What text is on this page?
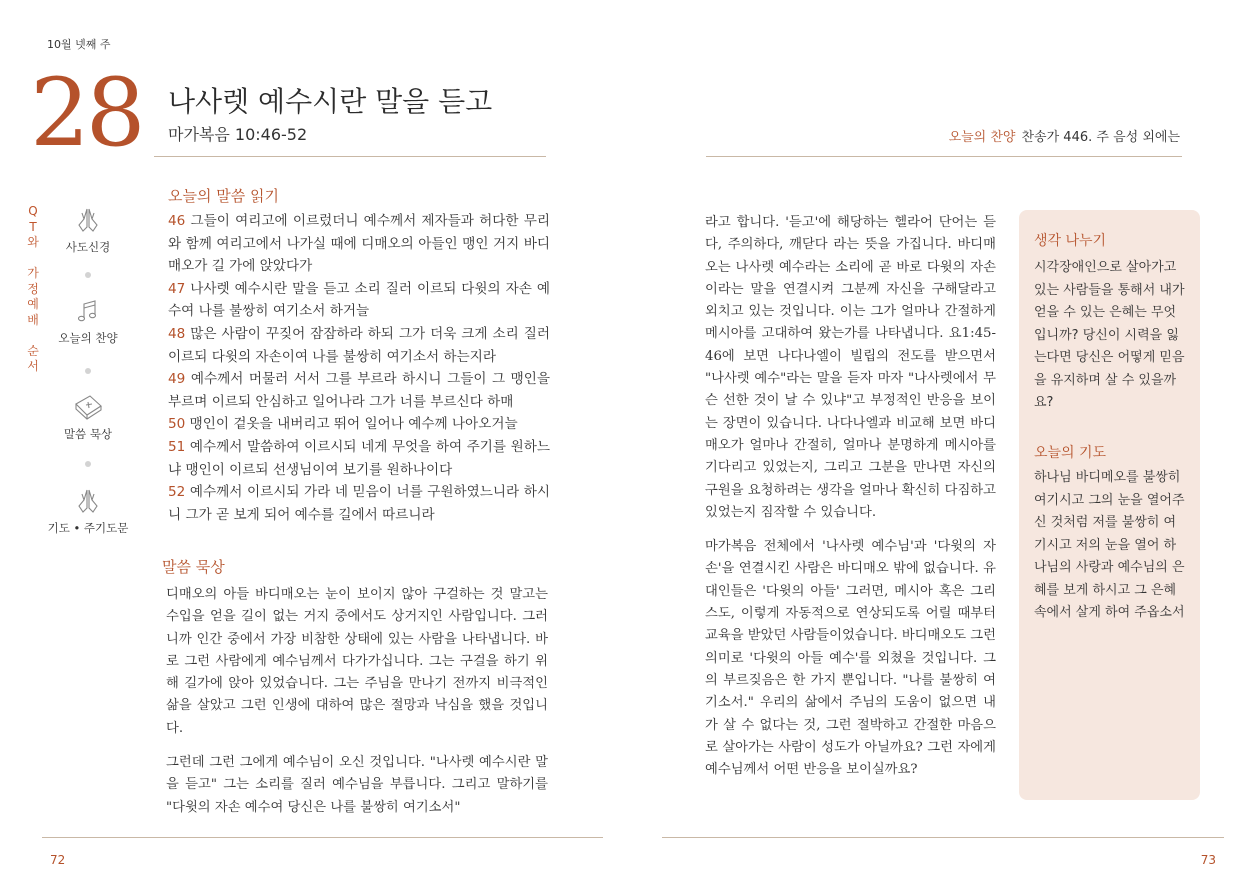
10월 넷째 주
28 나사렛 예수시란 말을 듣고
마가복음 10:46-52	오늘의 찬양 찬송가 446. 주 음성 외에는
Q
T
와

가
정
예
배

순
서
사도신경
오늘의 찬양
말씀 묵상
기도 • 주기도문
오늘의 말씀 읽기

46 그들이 여리고에 이르렀더니 예수께서 제자들과 허다한 무리와 함께 여리고에서 나가실 때에 디매오의 아들인 맹인 거지 바디매오가 길 가에 앉았다가

47 나사렛 예수시란 말을 듣고 소리 질러 이르되 다윗의 자손 예수여 나를 불쌍히 여기소서 하거늘

48 많은 사람이 꾸짖어 잠잠하라 하되 그가 더욱 크게 소리 질러 이르되 다윗의 자손이여 나를 불쌍히 여기소서 하는지라

49 예수께서 머물러 서서 그를 부르라 하시니 그들이 그 맹인을 부르며 이르되 안심하고 일어나라 그가 너를 부르신다 하매

50 맹인이 겉옷을 내버리고 뛰어 일어나 예수께 나아오거늘

51 예수께서 말씀하여 이르시되 네게 무엇을 하여 주기를 원하느냐 맹인이 이르되 선생님이여 보기를 원하나이다

52 예수께서 이르시되 가라 네 믿음이 너를 구원하였느니라 하시니 그가 곧 보게 되어 예수를 길에서 따르니라

말씀 묵상

디매오의 아들 바디매오는 눈이 보이지 않아 구걸하는 것 말고는 수입을 얻을 길이 없는 거지 중에서도 상거지인 사람입니다. 그러니까 인간 중에서 가장 비참한 상태에 있는 사람을 나타냅니다. 바로 그런 사람에게 예수님께서 다가가십니다. 그는 구걸을 하기 위해 길가에 앉아 있었습니다. 그는 주님을 만나기 전까지 비극적인 삶을 살았고 그런 인생에 대하여 많은 절망과 낙심을 했을 것입니다.

그런데 그런 그에게 예수님이 오신 것입니다. "나사렛 예수시란 말을 듣고" 그는 소리를 질러 예수님을 부릅니다. 그리고 말하기를 "다윗의 자손 예수여 당신은 나를 불쌍히 여기소서"

라고 합니다. '듣고'에 해당하는 헬라어 단어는 듣다, 주의하다, 깨닫다 라는 뜻을 가집니다. 바디매오는 나사렛 예수라는 소리에 곧 바로 다윗의 자손이라는 말을 연결시켜 그분께 자신을 구해달라고 외치고 있는 것입니다. 이는 그가 얼마나 간절하게 메시아를 고대하여 왔는가를 나타냅니다. 요1:45-46에 보면 나다나엘이 빌립의 전도를 받으면서 "나사렛 예수"라는 말을 듣자 마자 "나사렛에서 무슨 선한 것이 날 수 있냐"고 부정적인 반응을 보이는 장면이 있습니다. 나다나엘과 비교해 보면 바디매오가 얼마나 간절히, 얼마나 분명하게 메시아를 기다리고 있었는지, 그리고 그분을 만나면 자신의 구원을 요청하려는 생각을 얼마나 확신히 다짐하고 있었는지 짐작할 수 있습니다.

마가복음 전체에서 '나사렛 예수님'과 '다윗의 자손'을 연결시킨 사람은 바디매오 밖에 없습니다. 유대인들은 '다윗의 아들' 그러면, 메시아 혹은 그리스도, 이렇게 자동적으로 연상되도록 어릴 때부터 교육을 받았던 사람들이었습니다. 바디매오도 그런 의미로 '다윗의 아들 예수'를 외쳤을 것입니다. 그의 부르짖음은 한 가지 뿐입니다. "나를 불쌍히 여기소서." 우리의 삶에서 주님의 도움이 없으면 내가 살 수 없다는 것, 그런 절박하고 간절한 마음으로 살아가는 사람이 성도가 아닐까요? 그런 자에게 예수님께서 어떤 반응을 보이실까요?

생각 나누기
시각장애인으로 살아가고 있는 사람들을 통해서 내가 얻을 수 있는 은혜는 무엇입니까? 당신이 시력을 잃는다면 당신은 어떻게 믿음을 유지하며 살 수 있을까요?
오늘의 기도
하나님 바디메오를 불쌍히 여기시고 그의 눈을 열어주신 것처럼 저를 불쌍히 여기시고 저의 눈을 열어 하나님의 사랑과 예수님의 은혜를 보게 하시고 그 은혜 속에서 살게 하여 주옵소서
72	73
